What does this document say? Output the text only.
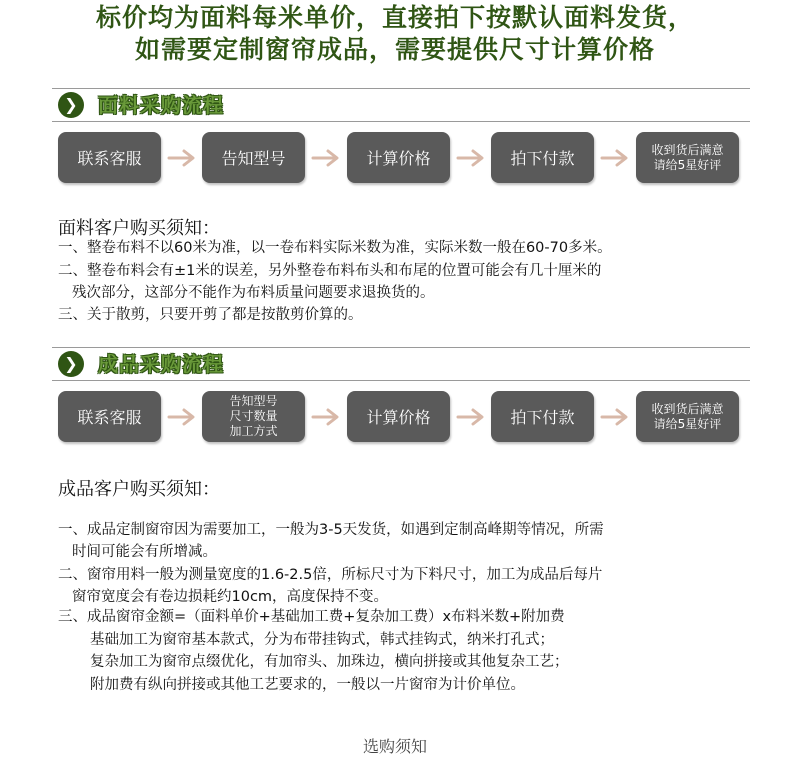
标价均为面料每米单价，直接拍下按默认面料发货，
如需要定制窗帘成品，需要提供尺寸计算价格
❯	面料采购流程
联系客服	告知型号	计算价格	拍下付款	收到货后满意
请给5星好评
面料客户购买须知：
一、整卷布料不以60米为准，以一卷布料实际米数为准，实际米数一般在60-70多米。
二、整卷布料会有±1米的误差，另外整卷布料布头和布尾的位置可能会有几十厘米的
残次部分，这部分不能作为布料质量问题要求退换货的。
三、关于散剪，只要开剪了都是按散剪价算的。
❯	成品采购流程
联系客服
告知型号
尺寸数量
加工方式
计算价格	拍下付款	收到货后满意
请给5星好评
成品客户购买须知：
一、成品定制窗帘因为需要加工，一般为3-5天发货，如遇到定制高峰期等情况，所需
时间可能会有所增减。
二、窗帘用料一般为测量宽度的1.6-2.5倍，所标尺寸为下料尺寸，加工为成品后每片
窗帘宽度会有卷边损耗约10cm，高度保持不变。
三、成品窗帘金额=（面料单价+基础加工费+复杂加工费）x布料米数+附加费
基础加工为窗帘基本款式，分为布带挂钩式，韩式挂钩式，纳米打孔式；
复杂加工为窗帘点缀优化，有加帘头、加珠边，横向拼接或其他复杂工艺；
附加费有纵向拼接或其他工艺要求的，一般以一片窗帘为计价单位。
选购须知
